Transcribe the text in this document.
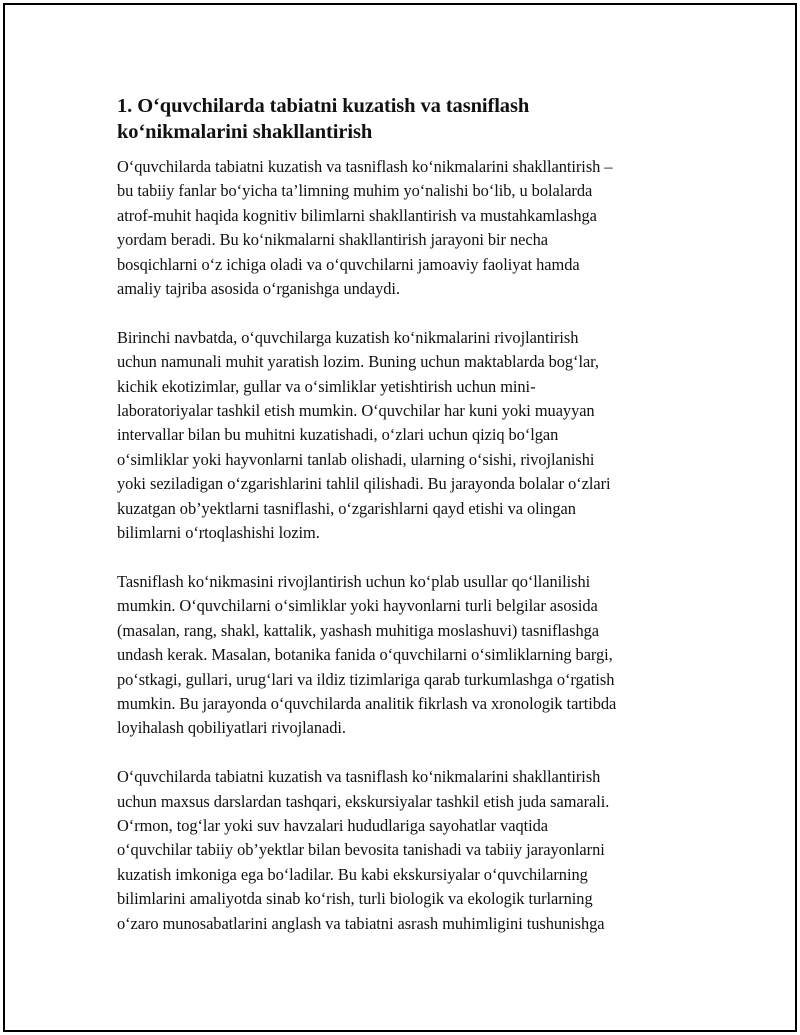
1. O‘quvchilarda tabiatni kuzatish va tasniflash
ko‘nikmalarini shakllantirish
O‘quvchilarda tabiatni kuzatish va tasniflash ko‘nikmalarini shakllantirish –
bu tabiiy fanlar bo‘yicha ta’limning muhim yo‘nalishi bo‘lib, u bolalarda
atrof-muhit haqida kognitiv bilimlarni shakllantirish va mustahkamlashga
yordam beradi. Bu ko‘nikmalarni shakllantirish jarayoni bir necha
bosqichlarni o‘z ichiga oladi va o‘quvchilarni jamoaviy faoliyat hamda
amaliy tajriba asosida o‘rganishga undaydi.
Birinchi navbatda, o‘quvchilarga kuzatish ko‘nikmalarini rivojlantirish
uchun namunali muhit yaratish lozim. Buning uchun maktablarda bog‘lar,
kichik ekotizimlar, gullar va o‘simliklar yetishtirish uchun mini-
laboratoriyalar tashkil etish mumkin. O‘quvchilar har kuni yoki muayyan
intervallar bilan bu muhitni kuzatishadi, o‘zlari uchun qiziq bo‘lgan
o‘simliklar yoki hayvonlarni tanlab olishadi, ularning o‘sishi, rivojlanishi
yoki seziladigan o‘zgarishlarini tahlil qilishadi. Bu jarayonda bolalar o‘zlari
kuzatgan ob’yektlarni tasniflashi, o‘zgarishlarni qayd etishi va olingan
bilimlarni o‘rtoqlashishi lozim.
Tasniflash ko‘nikmasini rivojlantirish uchun ko‘plab usullar qo‘llanilishi
mumkin. O‘quvchilarni o‘simliklar yoki hayvonlarni turli belgilar asosida
(masalan, rang, shakl, kattalik, yashash muhitiga moslashuvi) tasniflashga
undash kerak. Masalan, botanika fanida o‘quvchilarni o‘simliklarning bargi,
po‘stkagi, gullari, urug‘lari va ildiz tizimlariga qarab turkumlashga o‘rgatish
mumkin. Bu jarayonda o‘quvchilarda analitik fikrlash va xronologik tartibda
loyihalash qobiliyatlari rivojlanadi.
O‘quvchilarda tabiatni kuzatish va tasniflash ko‘nikmalarini shakllantirish
uchun maxsus darslardan tashqari, ekskursiyalar tashkil etish juda samarali.
O‘rmon, tog‘lar yoki suv havzalari hududlariga sayohatlar vaqtida
o‘quvchilar tabiiy ob’yektlar bilan bevosita tanishadi va tabiiy jarayonlarni
kuzatish imkoniga ega bo‘ladilar. Bu kabi ekskursiyalar o‘quvchilarning
bilimlarini amaliyotda sinab ko‘rish, turli biologik va ekologik turlarning
o‘zaro munosabatlarini anglash va tabiatni asrash muhimligini tushunishga
